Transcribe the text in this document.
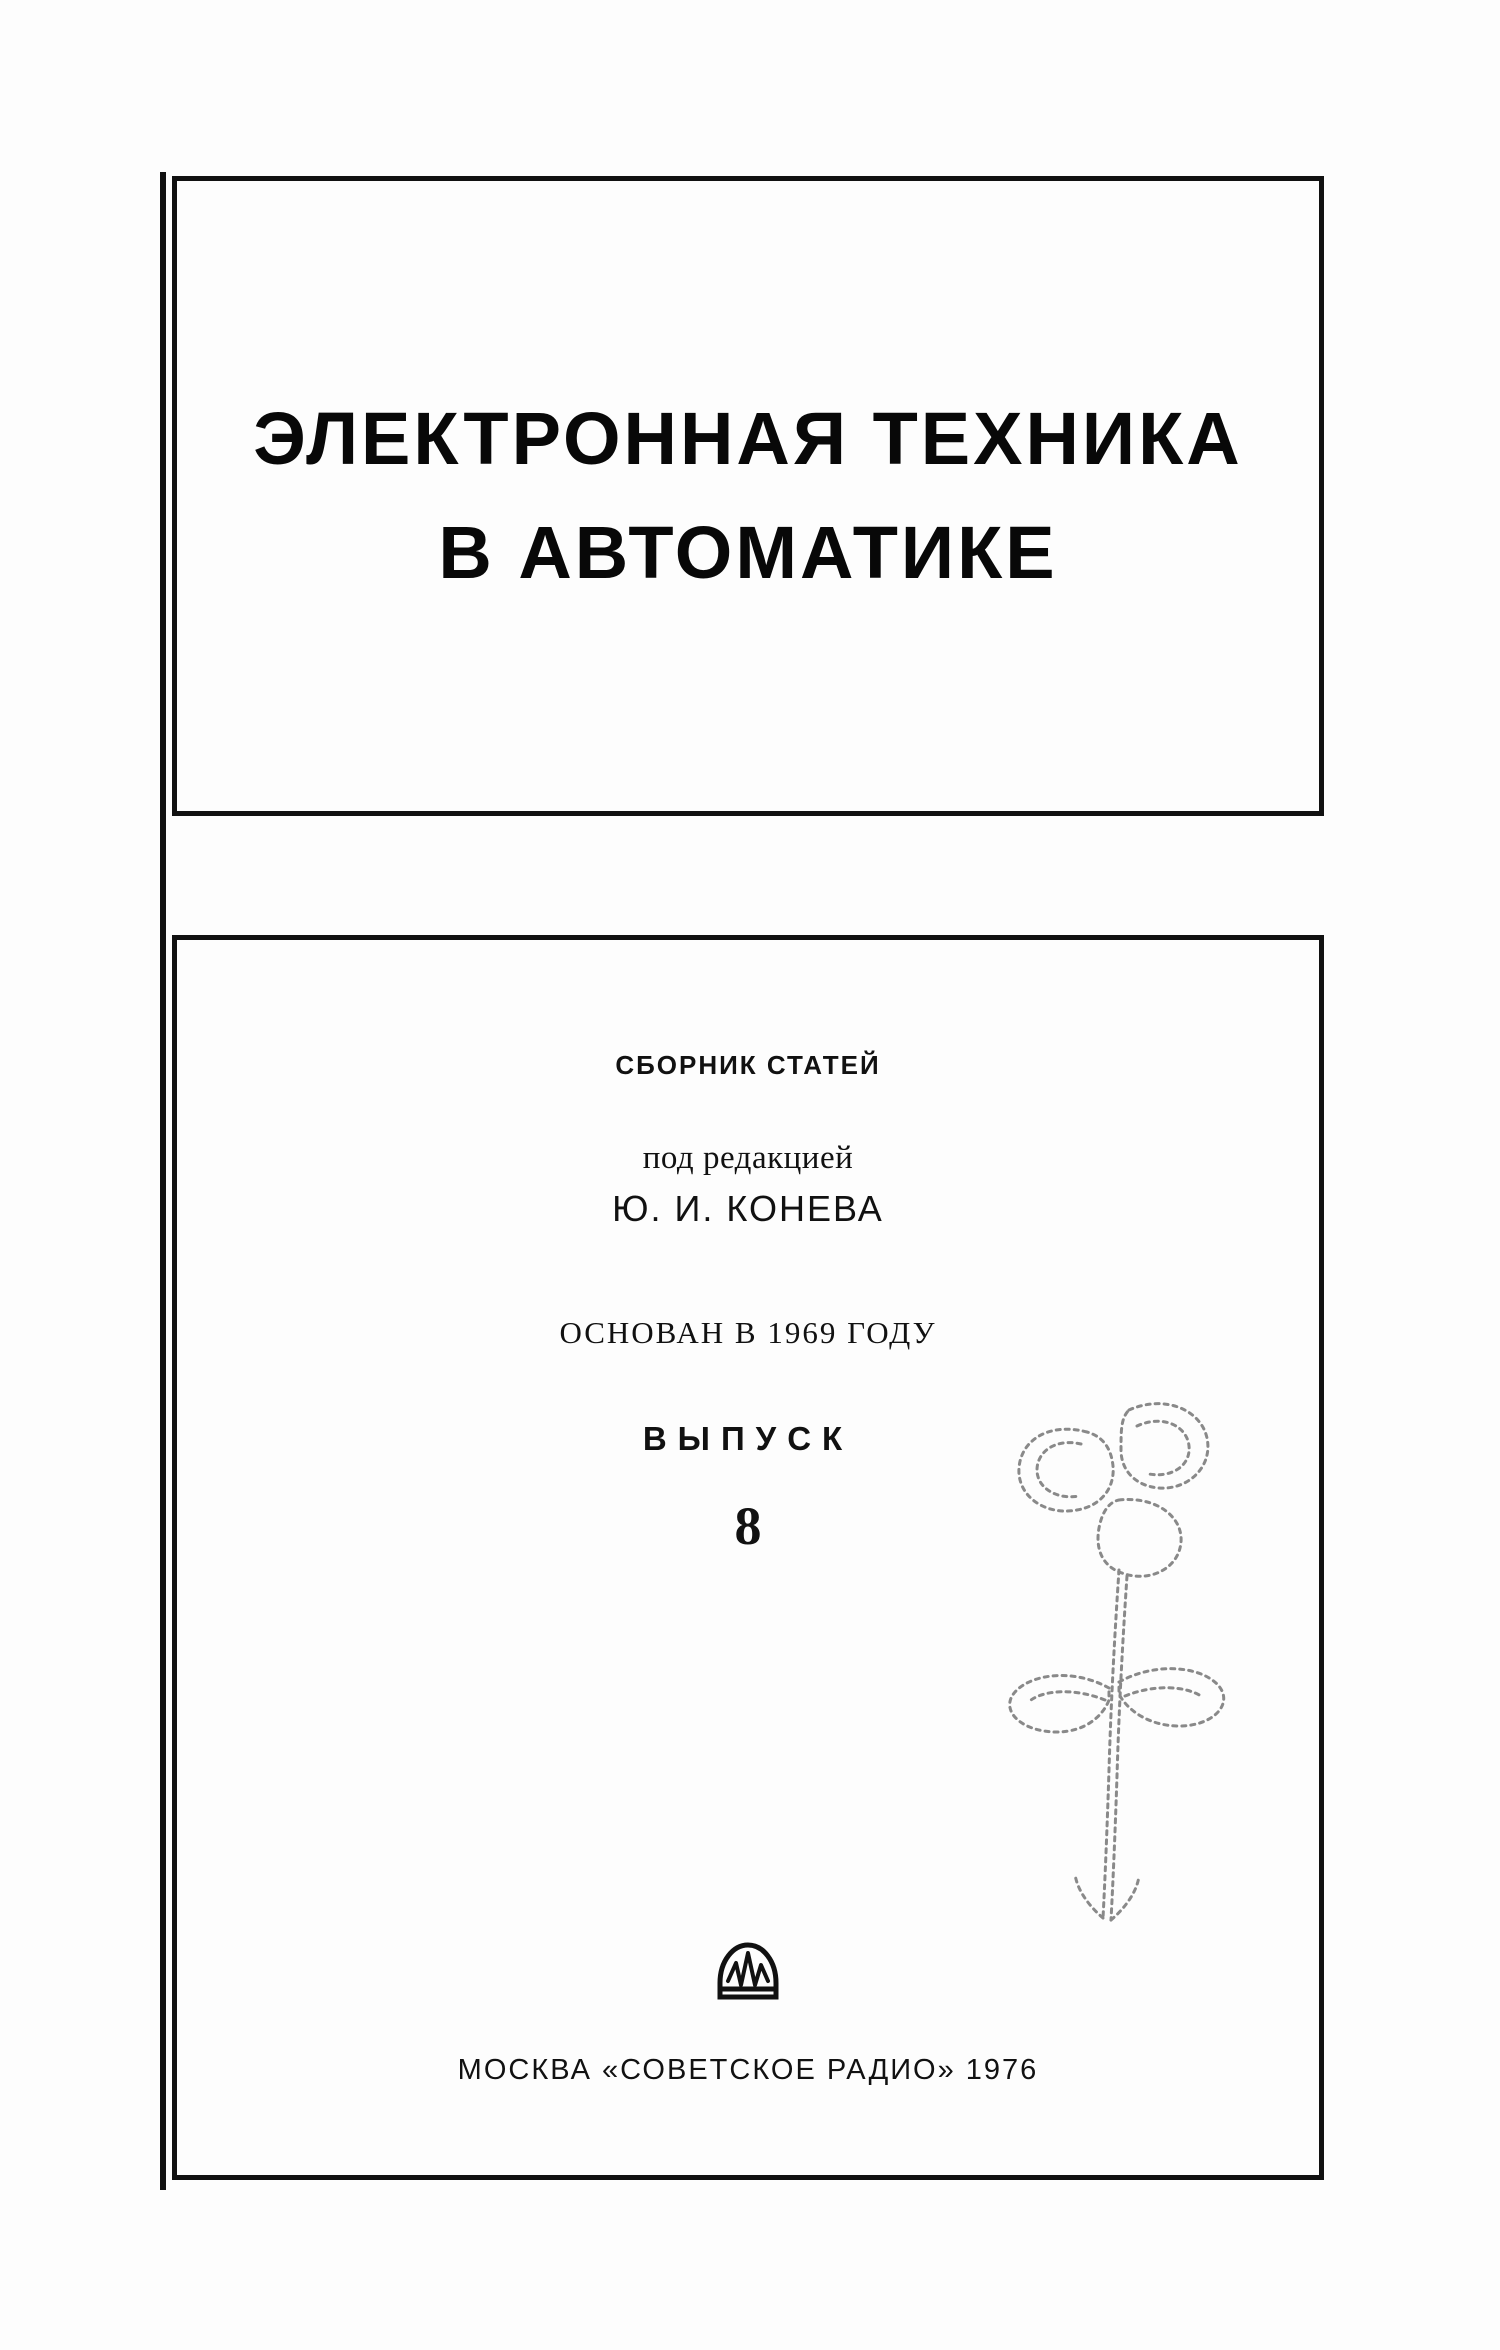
ЭЛЕКТРОННАЯ ТЕХНИКА
В АВТОМАТИКЕ
СБОРНИК СТАТЕЙ
под редакцией
Ю. И. КОНЕВА
ОСНОВАН В 1969 ГОДУ
ВЫПУСК
8
МОСКВА «СОВЕТСКОЕ РАДИО» 1976
